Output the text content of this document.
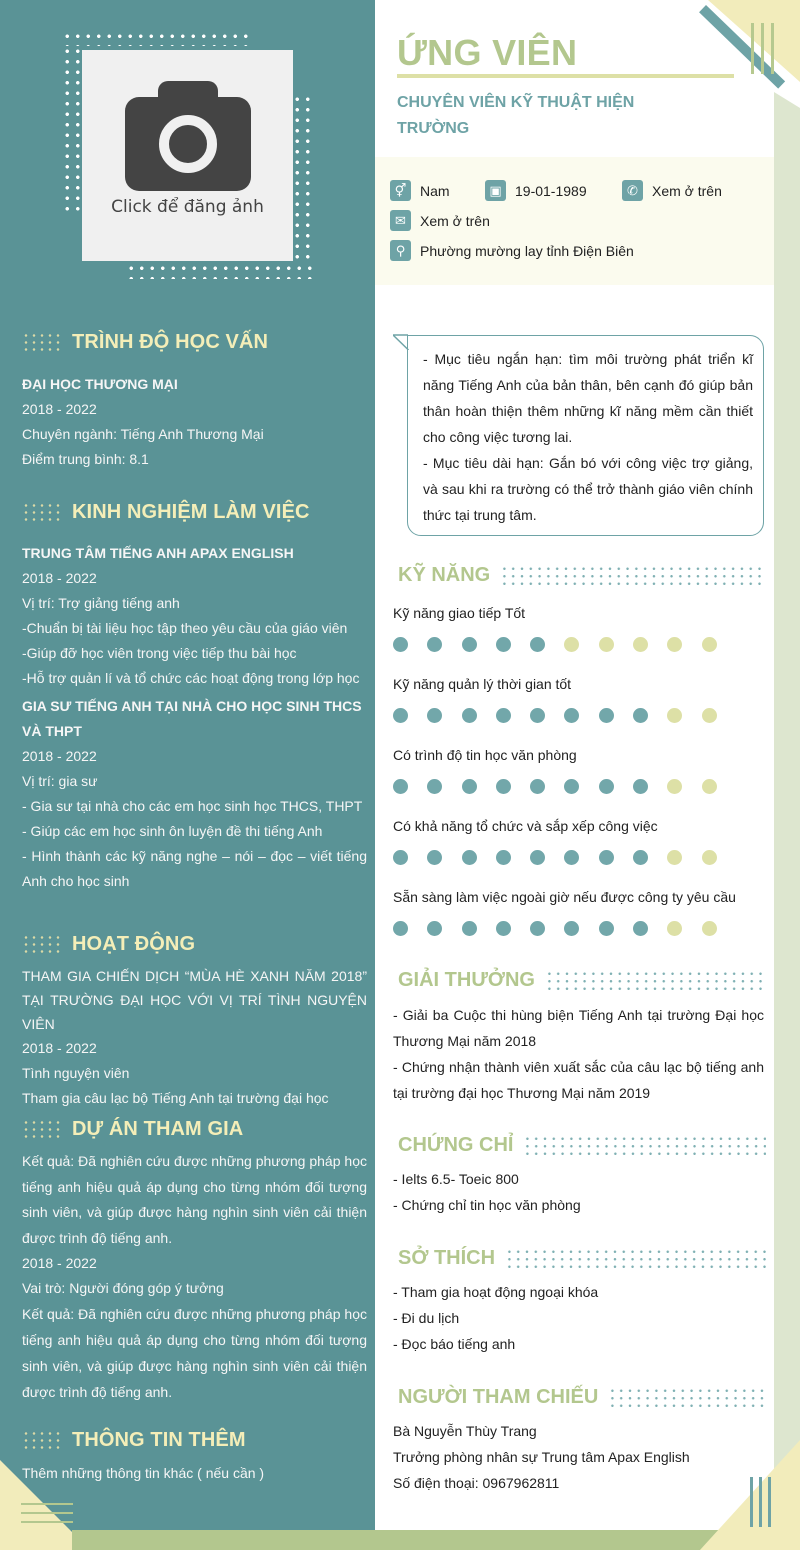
Click để đăng ảnh
TRÌNH ĐỘ HỌC VẤN
ĐẠI HỌC THƯƠNG MẠI
2018 - 2022
Chuyên ngành: Tiếng Anh Thương Mại
Điểm trung bình: 8.1
KINH NGHIỆM LÀM VIỆC
TRUNG TÂM TIẾNG ANH APAX ENGLISH
2018 - 2022
Vị trí: Trợ giảng tiếng anh
-Chuẩn bị tài liệu học tập theo yêu cầu của giáo viên
-Giúp đỡ học viên trong việc tiếp thu bài học
-Hỗ trợ quản lí và tổ chức các hoạt động trong lớp học
GIA SƯ TIẾNG ANH TẠI NHÀ CHO HỌC SINH THCS VÀ THPT
2018 - 2022
Vị trí: gia sư
- Gia sư tại nhà cho các em học sinh học THCS, THPT
- Giúp các em học sinh ôn luyện đề thi tiếng Anh
- Hình thành các kỹ năng nghe – nói – đọc – viết tiếng Anh cho học sinh
HOẠT ĐỘNG
THAM GIA CHIẾN DỊCH “MÙA HÈ XANH NĂM 2018” TẠI TRƯỜNG ĐẠI HỌC VỚI VỊ TRÍ TÌNH NGUYỆN VIÊN
2018 - 2022
Tình nguyện viên
Tham gia câu lạc bộ Tiếng Anh tại trường đại học
DỰ ÁN THAM GIA
Kết quả: Đã nghiên cứu được những phương pháp học tiếng anh hiệu quả áp dụng cho từng nhóm đối tượng sinh viên, và giúp được hàng nghìn sinh viên cải thiện được trình độ tiếng anh.
2018 - 2022
Vai trò: Người đóng góp ý tưởng
Kết quả: Đã nghiên cứu được những phương pháp học tiếng anh hiệu quả áp dụng cho từng nhóm đối tượng sinh viên, và giúp được hàng nghìn sinh viên cải thiện được trình độ tiếng anh.
THÔNG TIN THÊM
Thêm những thông tin khác ( nếu cần )
ỨNG VIÊN
CHUYÊN VIÊN KỸ THUẬT HIỆN TRƯỜNG
⚥ Nam	▣ 19-01-1989	✆	Xem ở trên
✉	Xem ở trên
⚲	Phường mường lay tỉnh Điện Biên
- Mục tiêu ngắn hạn: tìm môi trường phát triển kĩ năng Tiếng Anh của bản thân, bên cạnh đó giúp bản thân hoàn thiện thêm những kĩ năng mềm cần thiết cho công việc tương lai.
- Mục tiêu dài hạn: Gắn bó với công việc trợ giảng, và sau khi ra trường có thể trở thành giáo viên chính thức tại trung tâm.
KỸ NĂNG
Kỹ năng giao tiếp Tốt
Kỹ năng quản lý thời gian tốt
Có trình độ tin học văn phòng
Có khả năng tổ chức và sắp xếp công việc
Sẵn sàng làm việc ngoài giờ nếu được công ty yêu cầu
GIẢI THƯỞNG
- Giải ba Cuộc thi hùng biện Tiếng Anh tại trường Đại học Thương Mại năm 2018
- Chứng nhận thành viên xuất sắc của câu lạc bộ tiếng anh tại trường đại học Thương Mại năm 2019
CHỨNG CHỈ
- Ielts 6.5- Toeic 800
- Chứng chỉ tin học văn phòng
SỞ THÍCH
- Tham gia hoạt động ngoại khóa
- Đi du lịch
- Đọc báo tiếng anh
NGƯỜI THAM CHIẾU
Bà Nguyễn Thùy Trang
Trưởng phòng nhân sự Trung tâm Apax English
Số điện thoại: 0967962811
